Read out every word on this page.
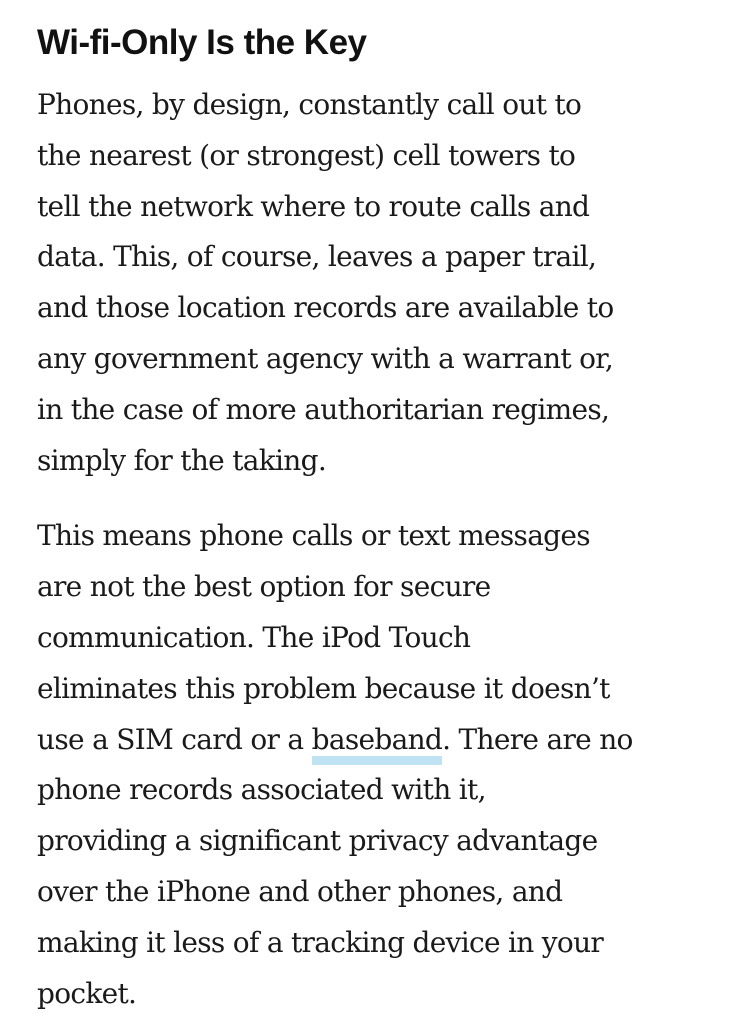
Wi-fi-Only Is the Key

Phones, by design, constantly call out to
the nearest (or strongest) cell towers to
tell the network where to route calls and
data. This, of course, leaves a paper trail,
and those location records are available to
any government agency with a warrant or,
in the case of more authoritarian regimes,
simply for the taking.

This means phone calls or text messages
are not the best option for secure
communication. The iPod Touch
eliminates this problem because it doesn’t
use a SIM card or a baseband. There are no
phone records associated with it,
providing a significant privacy advantage
over the iPhone and other phones, and
making it less of a tracking device in your
pocket.
